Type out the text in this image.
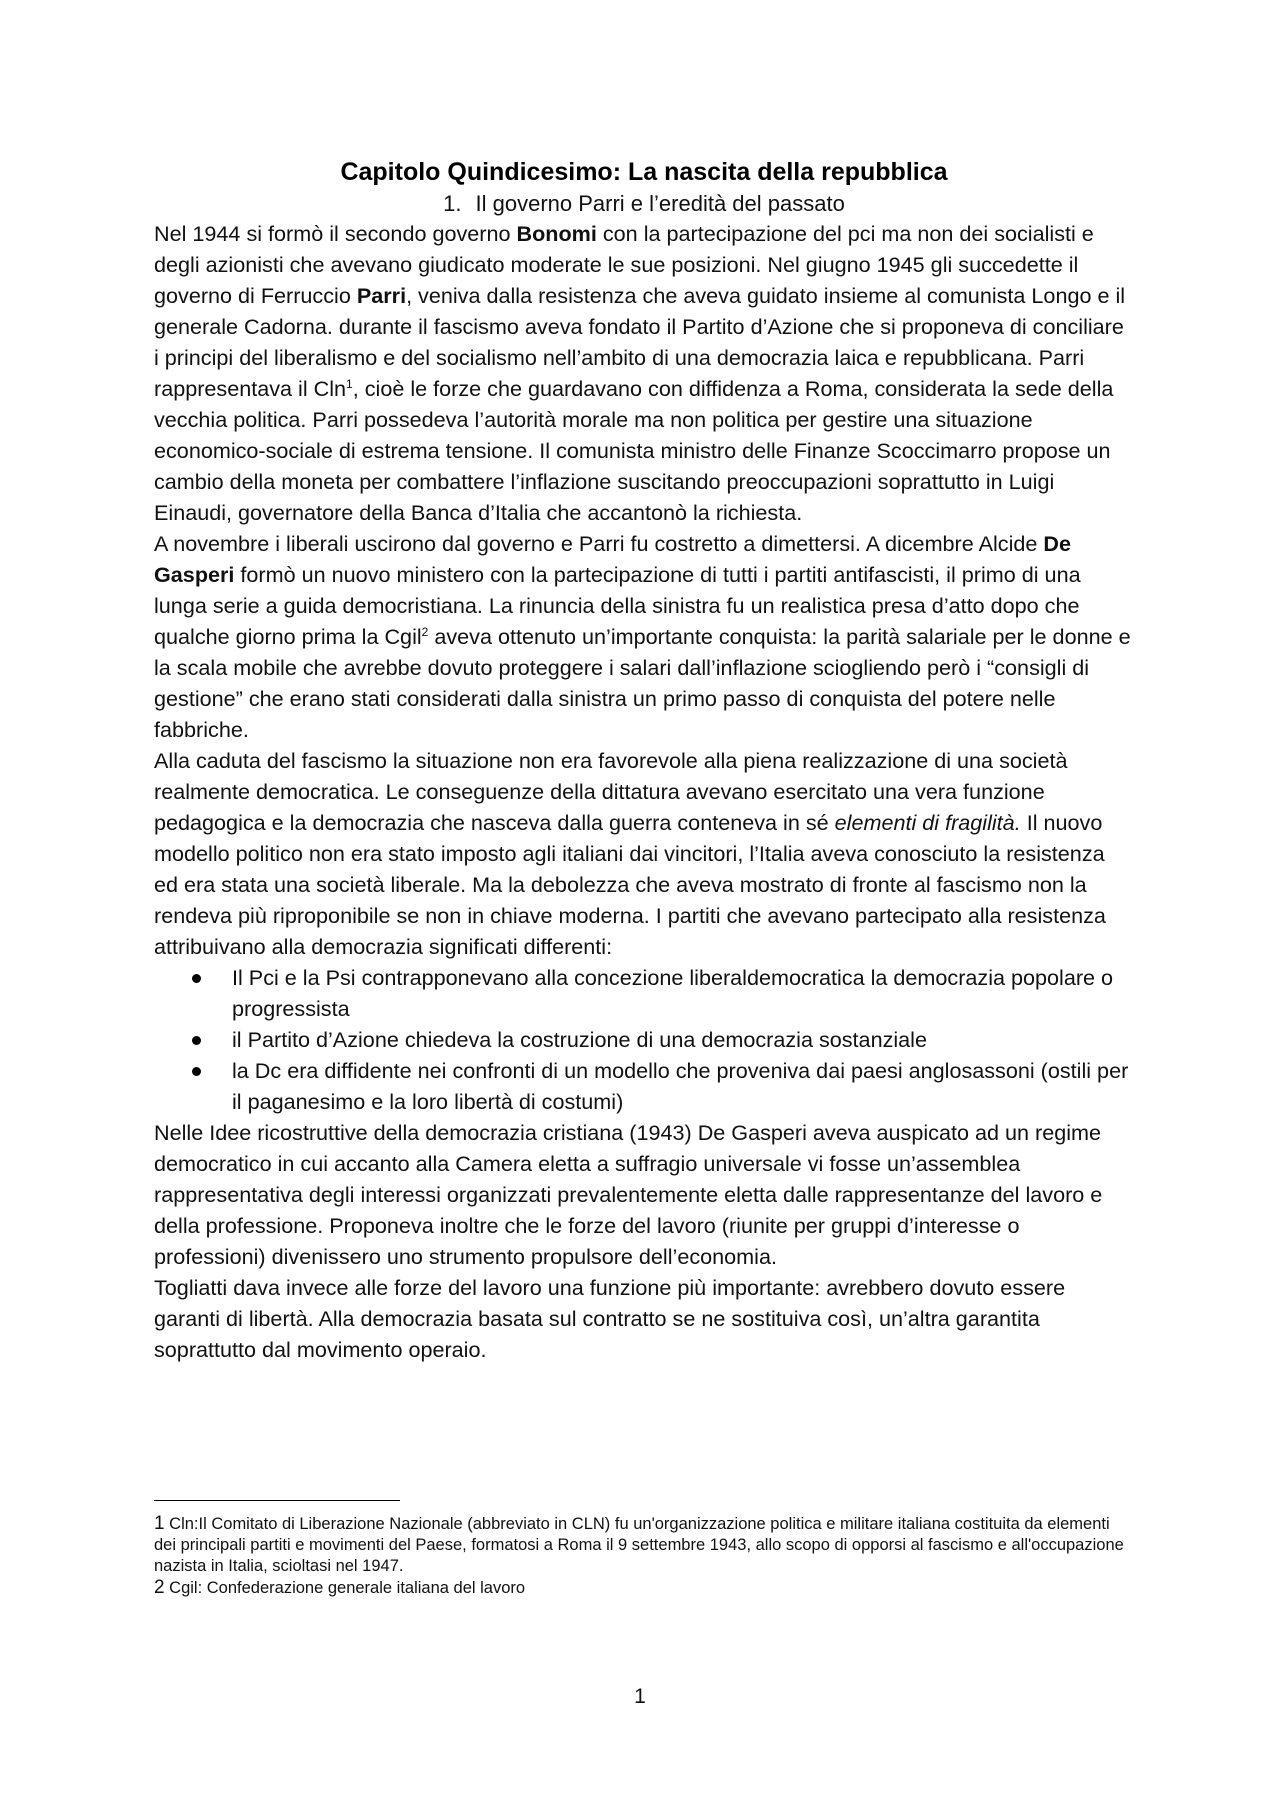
Capitolo Quindicesimo: La nascita della repubblica
1. Il governo Parri e l’eredità del passato

Nel 1944 si formò il secondo governo Bonomi con la partecipazione del pci ma non dei socialisti e degli azionisti che avevano giudicato moderate le sue posizioni. Nel giugno 1945 gli succedette il governo di Ferruccio Parri, veniva dalla resistenza che aveva guidato insieme al comunista Longo e il generale Cadorna. durante il fascismo aveva fondato il Partito d’Azione che si proponeva di conciliare i principi del liberalismo e del socialismo nell’ambito di una democrazia laica e repubblicana. Parri rappresentava il Cln$^1$, cioè le forze che guardavano con diffidenza a Roma, considerata la sede della vecchia politica. Parri possedeva l’autorità morale ma non politica per gestire una situazione economico-sociale di estrema tensione. Il comunista ministro delle Finanze Scoccimarro propose un cambio della moneta per combattere l’inflazione suscitando preoccupazioni soprattutto in Luigi Einaudi, governatore della Banca d’Italia che accantonò la richiesta.

A novembre i liberali uscirono dal governo e Parri fu costretto a dimettersi. A dicembre Alcide De Gasperi formò un nuovo ministero con la partecipazione di tutti i partiti antifascisti, il primo di una lunga serie a guida democristiana. La rinuncia della sinistra fu un realistica presa d’atto dopo che qualche giorno prima la Cgil$^2$ aveva ottenuto un’importante conquista: la parità salariale per le donne e la scala mobile che avrebbe dovuto proteggere i salari dall’inflazione sciogliendo però i “consigli di gestione” che erano stati considerati dalla sinistra un primo passo di conquista del potere nelle fabbriche.

Alla caduta del fascismo la situazione non era favorevole alla piena realizzazione di una società realmente democratica. Le conseguenze della dittatura avevano esercitato una vera funzione pedagogica e la democrazia che nasceva dalla guerra conteneva in sé elementi di fragilità. Il nuovo modello politico non era stato imposto agli italiani dai vincitori, l’Italia aveva conosciuto la resistenza ed era stata una società liberale. Ma la debolezza che aveva mostrato di fronte al fascismo non la rendeva più riproponibile se non in chiave moderna. I partiti che avevano partecipato alla resistenza attribuivano alla democrazia significati differenti:

Il Pci e la Psi contrapponevano alla concezione liberaldemocratica la democrazia popolare o progressista
il Partito d’Azione chiedeva la costruzione di una democrazia sostanziale
la Dc era diffidente nei confronti di un modello che proveniva dai paesi anglosassoni (ostili per il paganesimo e la loro libertà di costumi)

Nelle Idee ricostruttive della democrazia cristiana (1943) De Gasperi aveva auspicato ad un regime democratico in cui accanto alla Camera eletta a suffragio universale vi fosse un’assemblea rappresentativa degli interessi organizzati prevalentemente eletta dalle rappresentanze del lavoro e della professione. Proponeva inoltre che le forze del lavoro (riunite per gruppi d’interesse o professioni) divenissero uno strumento propulsore dell’economia.

Togliatti dava invece alle forze del lavoro una funzione più importante: avrebbero dovuto essere garanti di libertà. Alla democrazia basata sul contratto se ne sostituiva così, un’altra garantita soprattutto dal movimento operaio.

1 Cln:Il Comitato di Liberazione Nazionale (abbreviato in CLN) fu un'organizzazione politica e militare italiana costituita da elementi dei principali partiti e movimenti del Paese, formatosi a Roma il 9 settembre 1943, allo scopo di opporsi al fascismo e all'occupazione nazista in Italia, scioltasi nel 1947.

2 Cgil: Confederazione generale italiana del lavoro

1
